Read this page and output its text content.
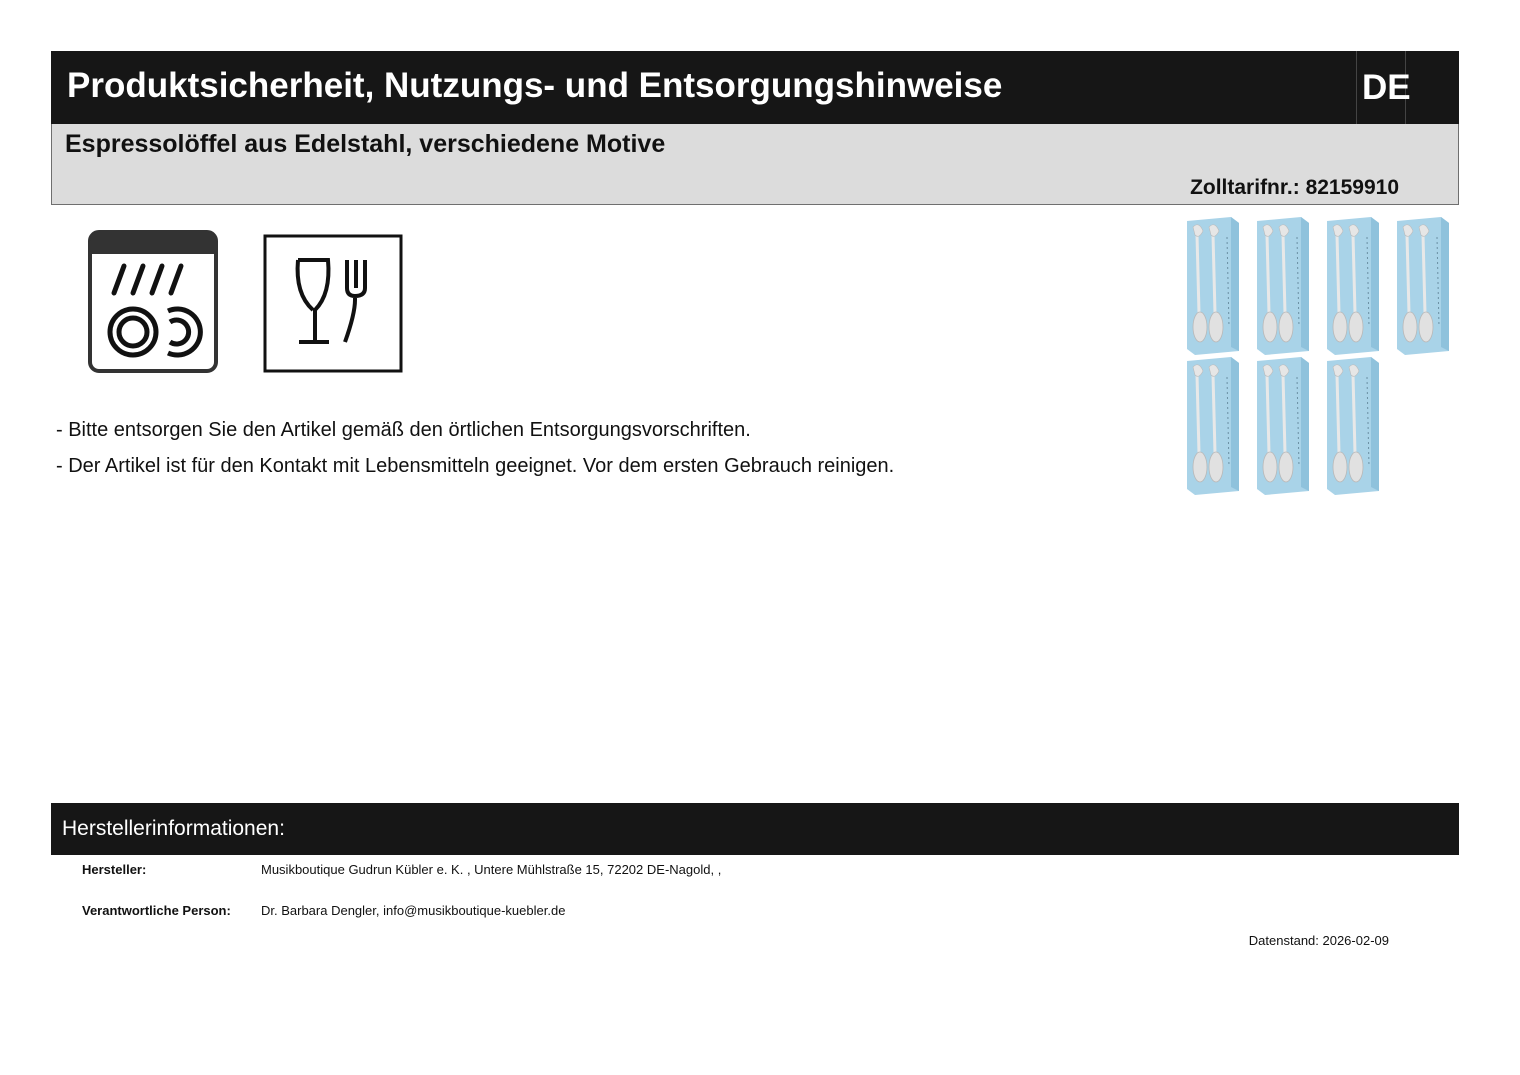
Produktsicherheit, Nutzungs- und Entsorgungshinweise	DE
Espressolöffel aus Edelstahl, verschiedene Motive
Zolltarifnr.: 82159910
- Bitte entsorgen Sie den Artikel gemäß den örtlichen Entsorgungsvorschriften.
- Der Artikel ist für den Kontakt mit Lebensmitteln geeignet. Vor dem ersten Gebrauch reinigen.
Herstellerinformationen:
Hersteller:	Musikboutique Gudrun Kübler e. K. , Untere Mühlstraße 15, 72202 DE-Nagold, ,
Verantwortliche Person: Dr. Barbara Dengler, info@musikboutique-kuebler.de
Datenstand: 2026-02-09
